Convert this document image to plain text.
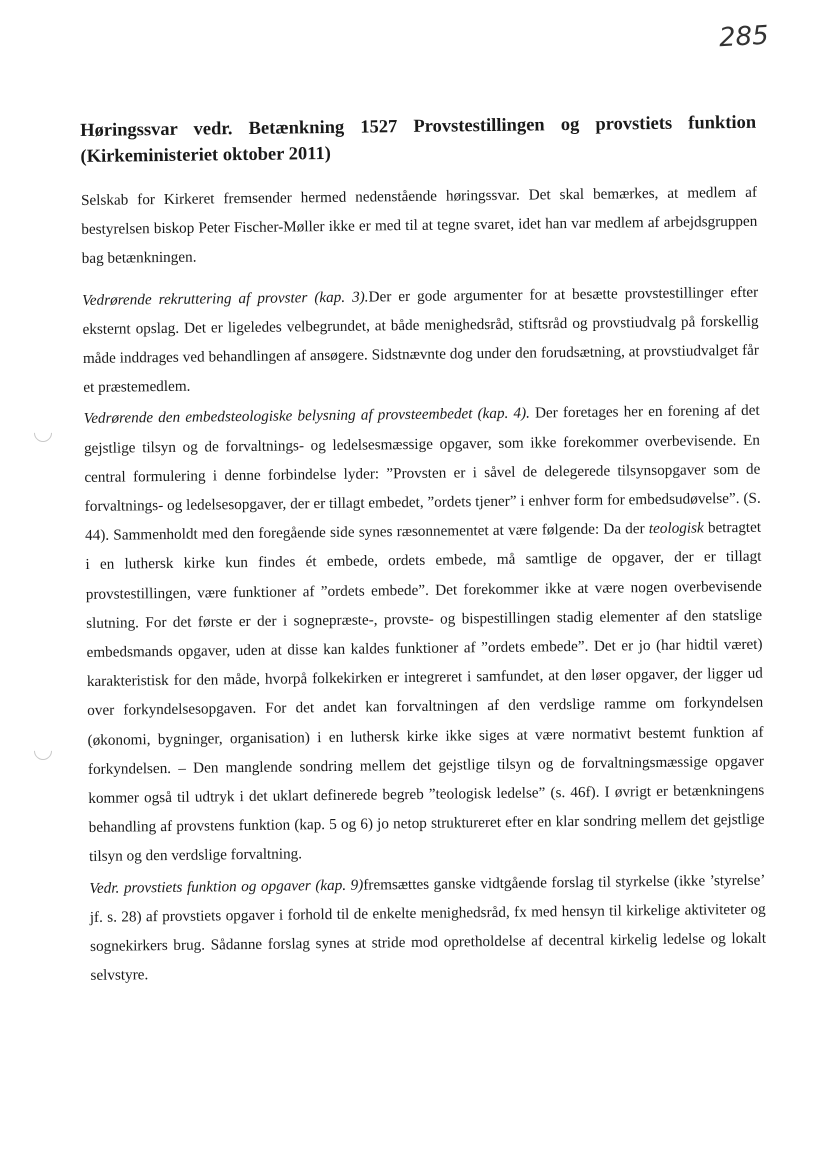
285
Høringssvar vedr. Betænkning 1527 Provstestillingen og provstiets funktion (Kirkeministeriet oktober 2011)

Selskab for Kirkeret fremsender hermed nedenstående høringssvar. Det skal bemærkes, at medlem af bestyrelsen biskop Peter Fischer-Møller ikke er med til at tegne svaret, idet han var medlem af arbejdsgruppen bag betænkningen.

Vedrørende rekruttering af provster (kap. 3).Der er gode argumenter for at besætte provstestillinger efter eksternt opslag. Det er ligeledes velbegrundet, at både menighedsråd, stiftsråd og provstiudvalg på forskellig måde inddrages ved behandlingen af ansøgere. Sidstnævnte dog under den forudsætning, at provstiudvalget får et præstemedlem.

Vedrørende den embedsteologiske belysning af provsteembedet (kap. 4). Der foretages her en forening af det gejstlige tilsyn og de forvaltnings- og ledelsesmæssige opgaver, som ikke forekommer overbevisende. En central formulering i denne forbindelse lyder: ”Provsten er i såvel de delegerede tilsynsopgaver som de forvaltnings- og ledelsesopgaver, der er tillagt embedet, ”ordets tjener” i enhver form for embedsudøvelse”. (S. 44). Sammenholdt med den foregående side synes ræsonnementet at være følgende: Da der teologisk betragtet i en luthersk kirke kun findes ét embede, ordets embede, må samtlige de opgaver, der er tillagt provstestillingen, være funktioner af ”ordets embede”. Det forekommer ikke at være nogen overbevisende slutning. For det første er der i sognepræste-, provste- og bispestillingen stadig elementer af den statslige embedsmands opgaver, uden at disse kan kaldes funktioner af ”ordets embede”. Det er jo (har hidtil været) karakteristisk for den måde, hvorpå folkekirken er integreret i samfundet, at den løser opgaver, der ligger ud over forkyndelsesopgaven. For det andet kan forvaltningen af den verdslige ramme om forkyndelsen (økonomi, bygninger, organisation) i en luthersk kirke ikke siges at være normativt bestemt funktion af forkyndelsen. – Den manglende sondring mellem det gejstlige tilsyn og de forvaltningsmæssige opgaver kommer også til udtryk i det uklart definerede begreb ”teologisk ledelse” (s. 46f). I øvrigt er betænkningens behandling af provstens funktion (kap. 5 og 6) jo netop struktureret efter en klar sondring mellem det gejstlige tilsyn og den verdslige forvaltning.

Vedr. provstiets funktion og opgaver (kap. 9)fremsættes ganske vidtgående forslag til styrkelse (ikke ’styrelse’ jf. s. 28) af provstiets opgaver i forhold til de enkelte menighedsråd, fx med hensyn til kirkelige aktiviteter og sognekirkers brug. Sådanne forslag synes at stride mod opretholdelse af decentral kirkelig ledelse og lokalt selvstyre.
